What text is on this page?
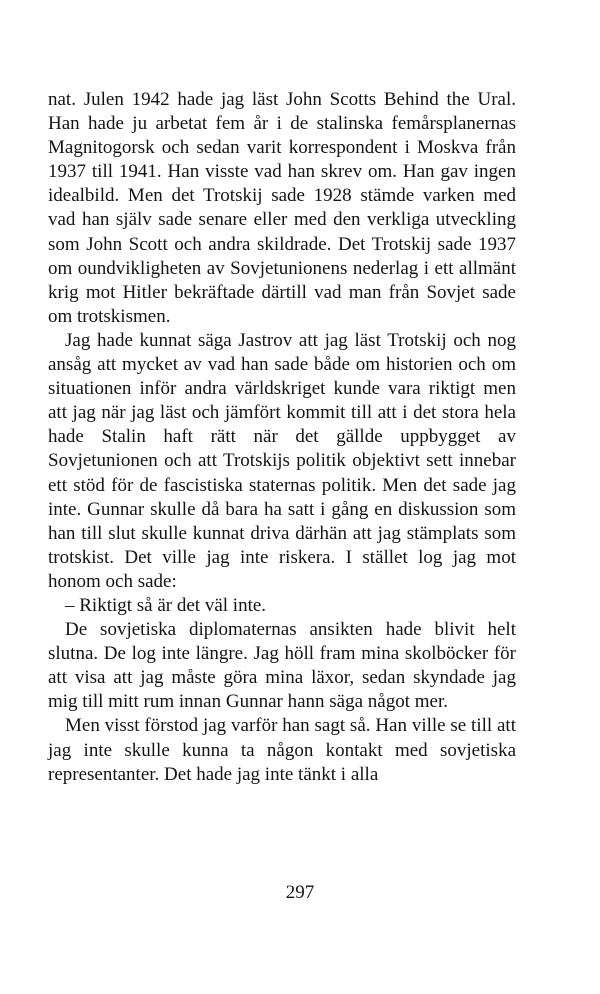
nat. Julen 1942 hade jag läst John Scotts Behind the Ural. Han hade ju arbetat fem år i de stalinska femårsplanernas Magnitogorsk och sedan varit korrespondent i Moskva från 1937 till 1941. Han visste vad han skrev om. Han gav ingen idealbild. Men det Trotskij sade 1928 stämde varken med vad han själv sade senare eller med den verkliga utveckling som John Scott och andra skildrade. Det Trotskij sade 1937 om oundvikligheten av Sovjetunionens nederlag i ett allmänt krig mot Hitler bekräftade därtill vad man från Sovjet sade om trotskismen.

Jag hade kunnat säga Jastrov att jag läst Trotskij och nog ansåg att mycket av vad han sade både om historien och om situationen inför andra världskriget kunde vara riktigt men att jag när jag läst och jämfört kommit till att i det stora hela hade Stalin haft rätt när det gällde uppbygget av Sovjetunionen och att Trotskijs politik objektivt sett innebar ett stöd för de fascistiska staternas politik. Men det sade jag inte. Gunnar skulle då bara ha satt i gång en diskussion som han till slut skulle kunnat driva därhän att jag stämplats som trotskist. Det ville jag inte riskera. I stället log jag mot honom och sade:

– Riktigt så är det väl inte.

De sovjetiska diplomaternas ansikten hade blivit helt slutna. De log inte längre. Jag höll fram mina skolböcker för att visa att jag måste göra mina läxor, sedan skyndade jag mig till mitt rum innan Gunnar hann säga något mer.

Men visst förstod jag varför han sagt så. Han ville se till att jag inte skulle kunna ta någon kontakt med sovjetiska representanter. Det hade jag inte tänkt i alla

297
